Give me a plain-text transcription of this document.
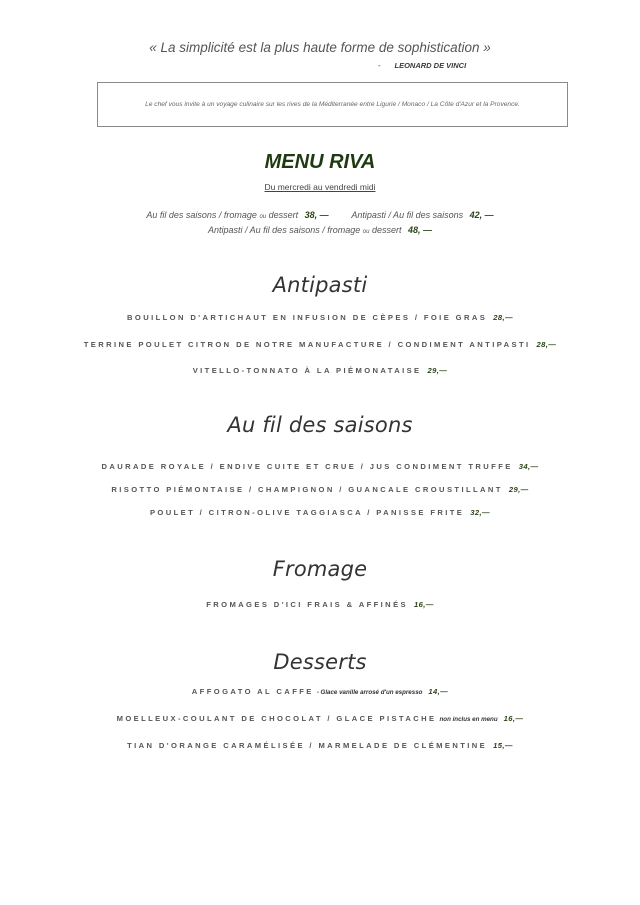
« La simplicité est la plus haute forme de sophistication »
- LEONARD DE VINCI
Le chef vous invite à un voyage culinaire sur les rives de la Méditerranée entre Ligurie / Monaco / La Côte d'Azur et la Provence.
MENU RIVA
Du mercredi au vendredi midi
Au fil des saisons / fromage ou dessert 38, —	Antipasti / Au fil des saisons 42, —
Antipasti / Au fil des saisons / fromage ou dessert 48, —
Antipasti
BOUILLON D'ARTICHAUT EN INFUSION DE CÈPES / FOIE GRAS 28,—
TERRINE POULET CITRON DE NOTRE MANUFACTURE / CONDIMENT ANTIPASTI 28,—
VITELLO-TONNATO À LA PIÉMONATAISE 29,—
Au fil des saisons
DAURADE ROYALE / ENDIVE CUITE ET CRUE / JUS CONDIMENT TRUFFE 34,—
RISOTTO PIÉMONTAISE / CHAMPIGNON / GUANCALE CROUSTILLANT 29,—
POULET / CITRON-OLIVE TAGGIASCA / PANISSE FRITE 32,—
Fromage
FROMAGES D'ICI FRAIS & AFFINÉS 16,—
Desserts
AFFOGATO AL CAFFE - Glace vanille arrosé d'un espresso 14,—
MOELLEUX-COULANT DE CHOCOLAT / GLACE PISTACHE non inclus en menu 16,—
TIAN D'ORANGE CARAMÉLISÉE / MARMELADE DE CLÉMENTINE 15,—
